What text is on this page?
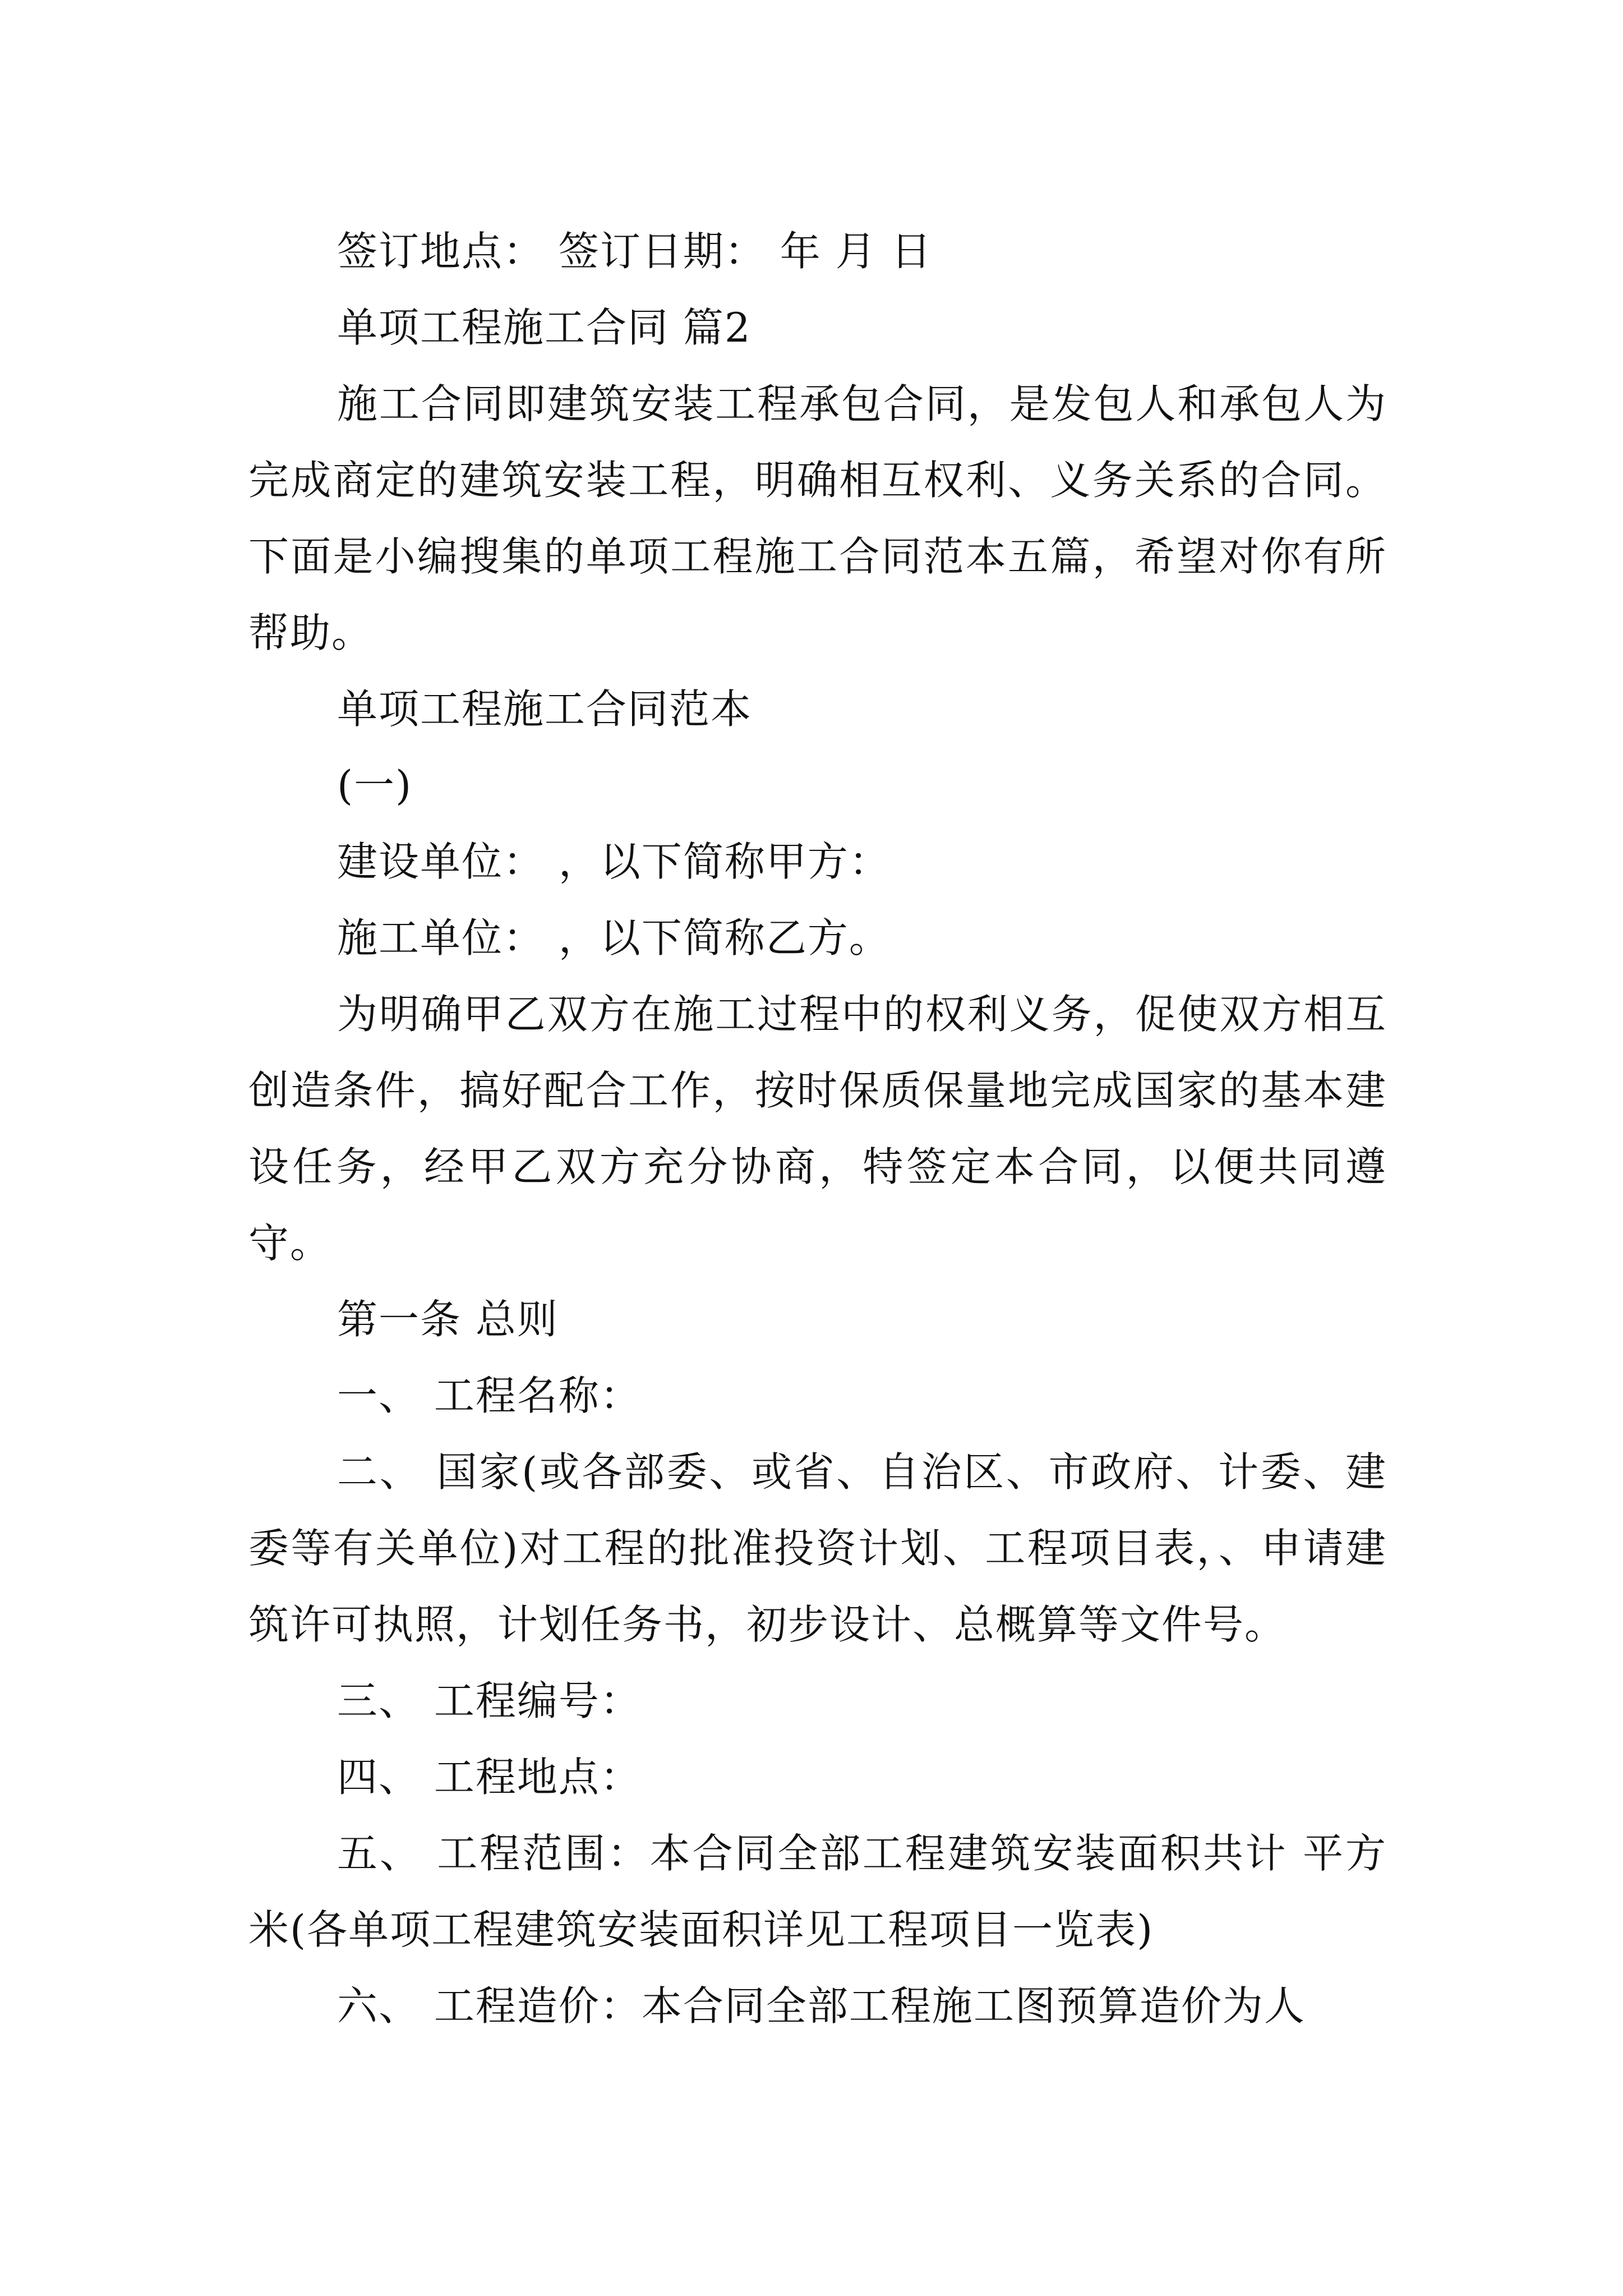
签订地点： 签订日期： 年 月 日

单项工程施工合同 篇2

施工合同即建筑安装工程承包合同，是发包人和承包人为完成商定的建筑安装工程，明确相互权利、义务关系的合同。下面是小编搜集的单项工程施工合同范本五篇，希望对你有所帮助。

单项工程施工合同范本

(一)

建设单位： ，以下简称甲方：

施工单位： ，以下简称乙方。

为明确甲乙双方在施工过程中的权利义务，促使双方相互创造条件，搞好配合工作，按时保质保量地完成国家的基本建设任务，经甲乙双方充分协商，特签定本合同，以便共同遵守。

第一条 总则

一、 工程名称：

二、 国家(或各部委、或省、自治区、市政府、计委、建委等有关单位)对工程的批准投资计划、工程项目表，、申请建筑许可执照，计划任务书，初步设计、总概算等文件号。

三、 工程编号：

四、 工程地点：

五、 工程范围：本合同全部工程建筑安装面积共计 平方米(各单项工程建筑安装面积详见工程项目一览表)

六、 工程造价：本合同全部工程施工图预算造价为人
